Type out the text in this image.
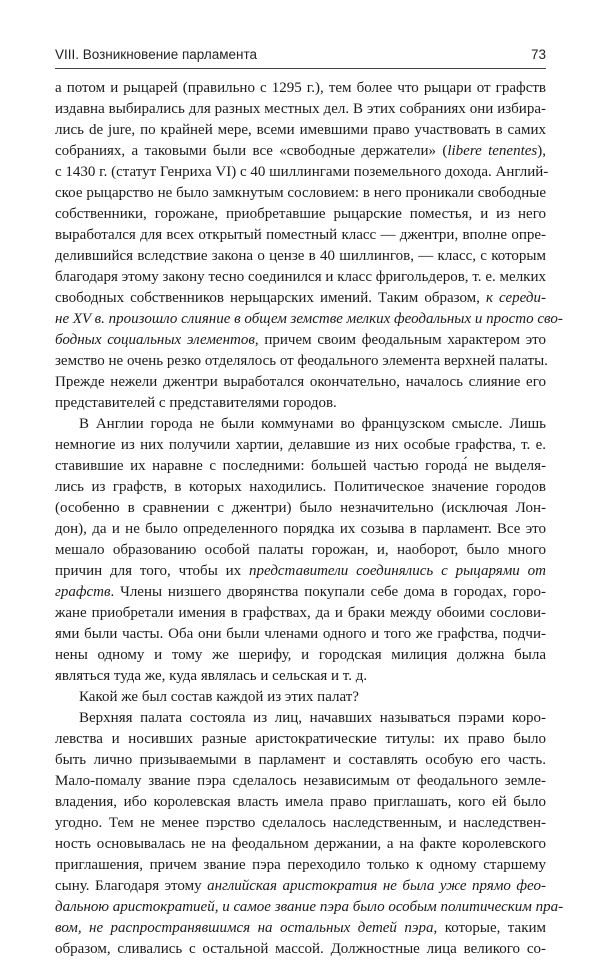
VIII. Возникновение парламента	73
а потом и рыцарей (правильно с 1295 г.), тем более что рыцари от графств
издавна выбирались для разных местных дел. В этих собраниях они избира-
лись de jure, по крайней мере, всеми имевшими право участвовать в самих
собраниях, а таковыми были все «свободные держатели» (libere tenentes),
с 1430 г. (статут Генриха VI) с 40 шиллингами поземельного дохода. Англий-
ское рыцарство не было замкнутым сословием: в него проникали свободные
собственники, горожане, приобретавшие рыцарские поместья, и из него
выработался для всех открытый поместный класс — джентри, вполне опре-
делившийся вследствие закона о цензе в 40 шиллингов, — класс, с которым
благодаря этому закону тесно соединился и класс фригольдеров, т. е. мелких
свободных собственников нерыцарских имений. Таким образом, к середи-
не XV в. произошло слияние в общем земстве мелких феодальных и просто сво-
бодных социальных элементов, причем своим феодальным характером это
земство не очень резко отделялось от феодального элемента верхней палаты.
Прежде нежели джентри выработался окончательно, началось слияние его
представителей с представителями городов.
В Англии города не были коммунами во французском смысле. Лишь
немногие из них получили хартии, делавшие из них особые графства, т. е.
ставившие их наравне с последними: большей частью города́ не выделя-
лись из графств, в которых находились. Политическое значение городов
(особенно в сравнении с джентри) было незначительно (исключая Лон-
дон), да и не было определенного порядка их созыва в парламент. Все это
мешало образованию особой палаты горожан, и, наоборот, было много
причин для того, чтобы их представители соединялись с рыцарями от
графств. Члены низшего дворянства покупали себе дома в городах, горо-
жане приобретали имения в графствах, да и браки между обоими сослови-
ями были часты. Оба они были членами одного и того же графства, подчи-
нены одному и тому же шерифу, и городская милиция должна была
являться туда же, куда являлась и сельская и т. д.
Какой же был состав каждой из этих палат?
Верхняя палата состояла из лиц, начавших называться пэрами коро-
левства и носивших разные аристократические титулы: их право было
быть лично призываемыми в парламент и составлять особую его часть.
Мало-помалу звание пэра сделалось независимым от феодального земле-
владения, ибо королевская власть имела право приглашать, кого ей было
угодно. Тем не менее пэрство сделалось наследственным, и наследствен-
ность основывалась не на феодальном держании, а на факте королевского
приглашения, причем звание пэра переходило только к одному старшему
сыну. Благодаря этому английская аристократия не была уже прямо фео-
дальною аристократией, и самое звание пэра было особым политическим пра-
вом, не распространявшимся на остальных детей пэра, которые, таким
образом, сливались с остальной массой. Должностные лица великого со-
